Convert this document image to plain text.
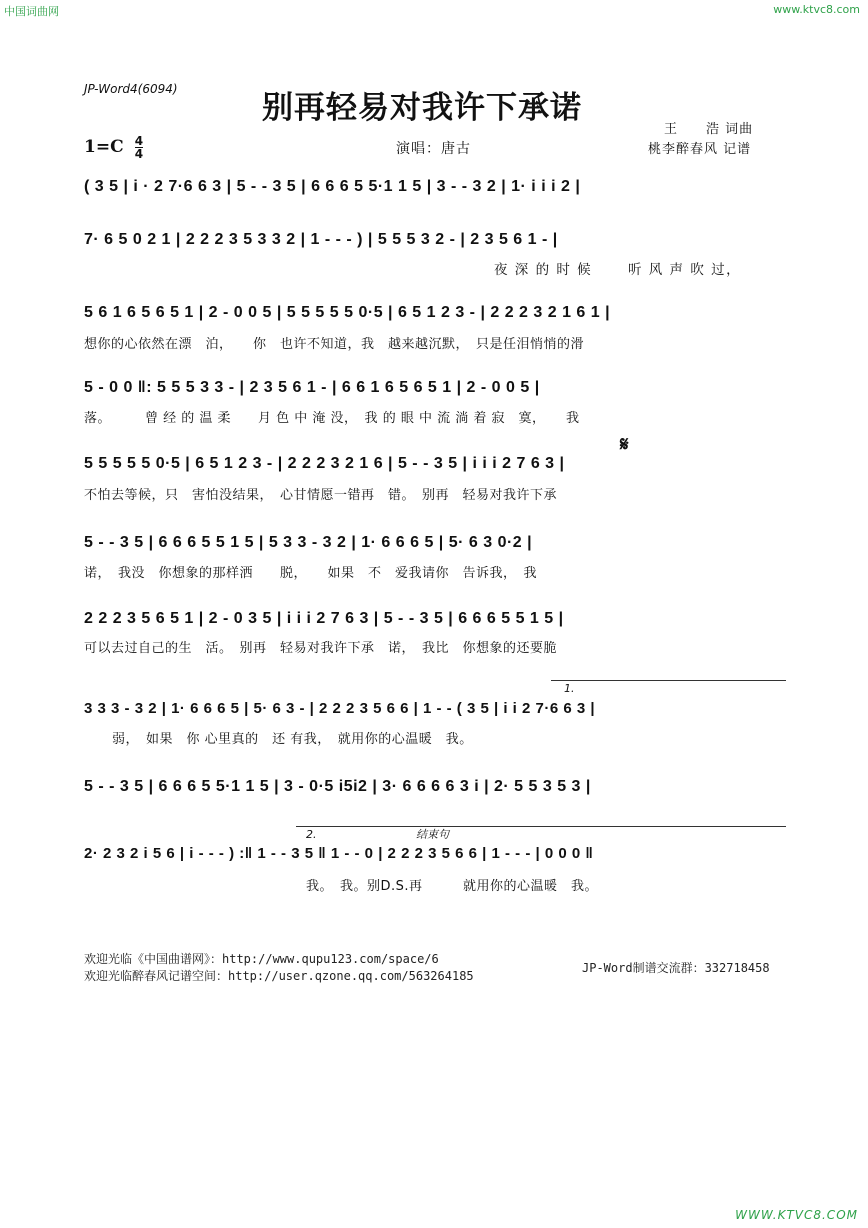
中国词曲网	www.ktvc8.com
WWW.KTVC8.COM
JP-Word4(6094)
别再轻易对我许下承诺
王　　浩 词曲
桃李醉春风 记谱
演唱：唐古
$1=C \frac{4}{4}$
( 3 5 | i · 2 7·6 6 3 | 5 - - 3 5 | 6 6 6 5 5·1 1 5 | 3 - - 3 2 | 1· i i i 2 |
7· 6 5 0 2 1 | 2 2 2 3 5 3 3 2 | 1 - - - ) | 5 5 5 3 2 - | 2 3 5 6 1 - |
夜 深 的 时 候　　 听 风 声 吹 过，
5 6 1 6 5 6 5 1 | 2 - 0 0 5 | 5 5 5 5 5 0·5 | 6 5 1 2 3 - | 2 2 2 3 2 1 6 1 |
想你的心依然在漂　泊，　　你　也许不知道，我　越来越沉默，　只是任泪悄悄的滑
5 - 0 0 ‖: 5 5 5 3 3 - | 2 3 5 6 1 - | 6 6 1 6 5 6 5 1 | 2 - 0 0 5 |
落。　　　曾 经 的 温 柔　　月 色 中 淹 没，　我 的 眼 中 流 淌 着 寂　寞，　　我
5 5 5 5 5 0·5 | 6 5 1 2 3 - | 2 2 2 3 2 1 6 | 5 - - 3 5 | i i i 2 7 6 3 |
不怕去等候，只　害怕没结果，　心甘情愿一错再　错。　别再　轻易对我许下承
𝄋
5 - - 3 5 | 6 6 6 5 5 1 5 | 5 3 3 - 3 2 | 1· 6 6 6 5 | 5· 6 3 0·2 |
诺，　我没　你想象的那样洒　　脱，　　如果　不　爱我请你　告诉我，　我
2 2 2 3 5 6 5 1 | 2 - 0 3 5 | i i i 2 7 6 3 | 5 - - 3 5 | 6 6 6 5 5 1 5 |
可以去过自己的生　活。　别再　轻易对我许下承　诺，　我比　你想象的还要脆
1.
3 3 3 - 3 2 | 1· 6 6 6 5 | 5· 6 3 - | 2 2 2 3 5 6 6 | 1 - - ( 3 5 | i i 2 7·6 6 3 |
弱，　如果　你 心里真的　还 有我，　就用你的心温暖　我。
5 - - 3 5 | 6 6 6 5 5·1 1 5 | 3 - 0·5 i5i2 | 3· 6 6 6 6 3 i | 2· 5 5 3 5 3 |
2.	结束句
2· 2 3 2 i 5 6 | i - - - ) :‖ 1 - - 3 5 ‖ 1 - - 0 | 2 2 2 3 5 6 6 | 1 - - - | 0 0 0 ‖
我。　我。别D.S.再　　　就用你的心温暖　我。
欢迎光临《中国曲谱网》：http://www.qupu123.com/space/6
欢迎光临醉春风记谱空间：http://user.qzone.qq.com/563264185
JP-Word制谱交流群：332718458
